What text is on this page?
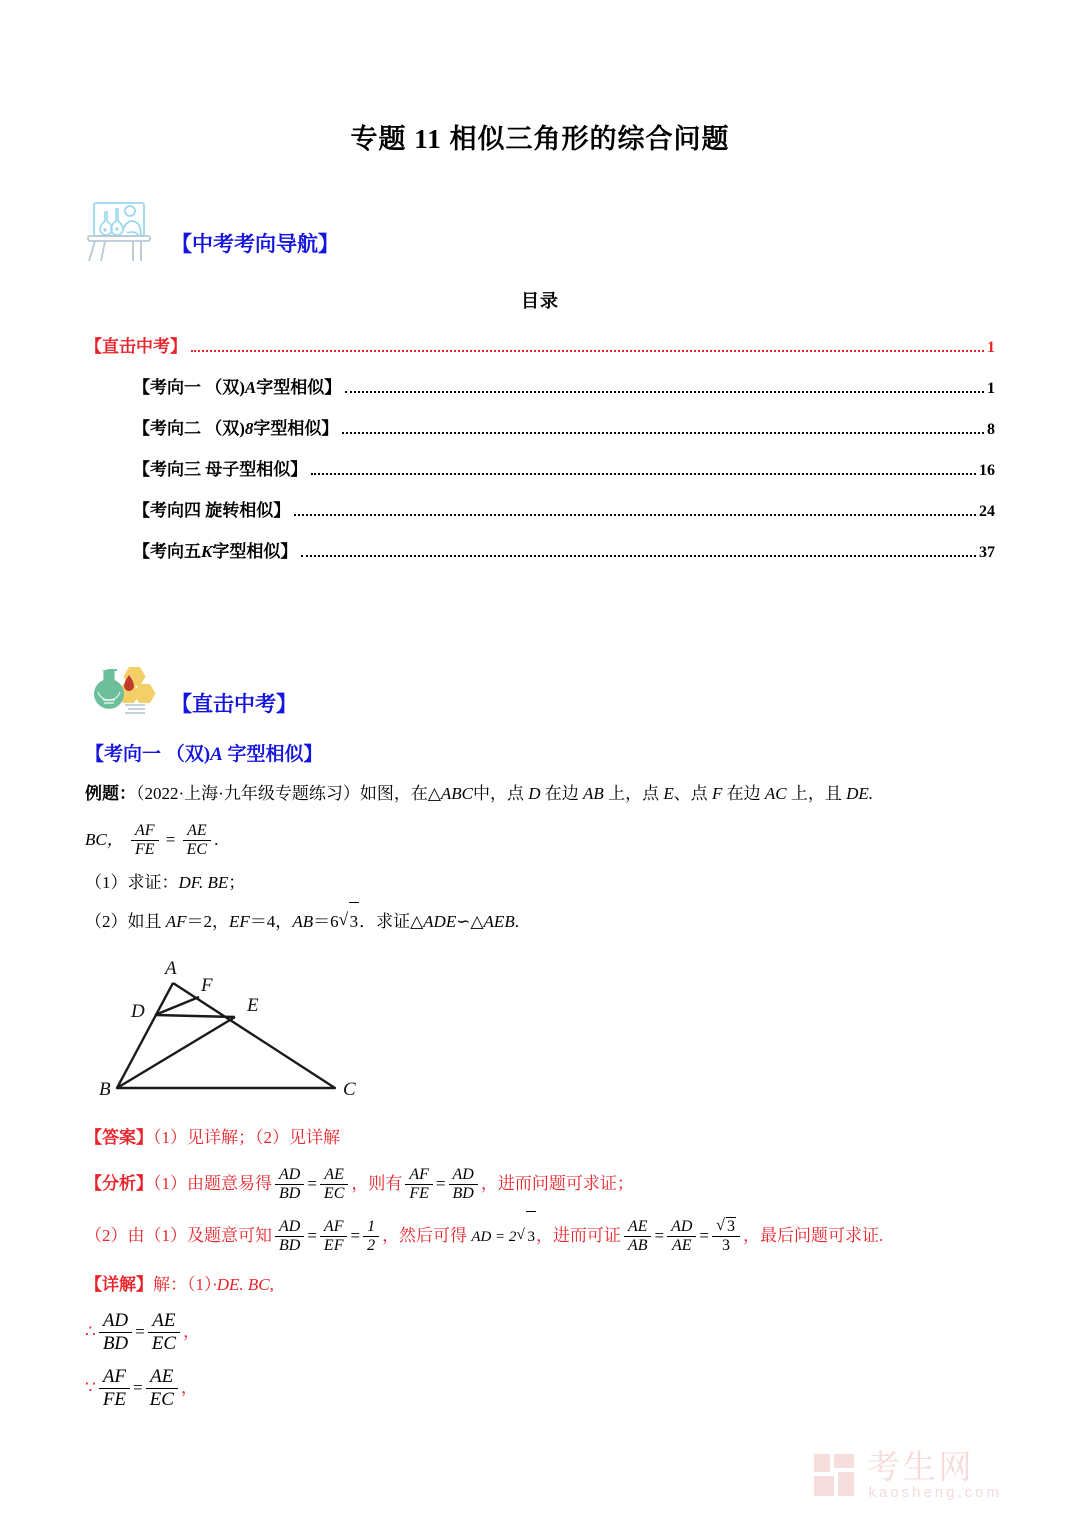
专题 11 相似三角形的综合问题
【中考考向导航】
目录
【直击中考】	1
【考向一 （双) A 字型相似】	1
【考向二 （双) 8 字型相似】	8
【考向三 母子型相似】	16
【考向四 旋转相似】	24
【考向五 K 字型相似】	37
【直击中考】
【考向一 （双)A 字型相似】
例题：（2022·上海·九年级专题练习）如图，在△ABC中，点 D 在边 AB 上，点 E、点 F 在边 AC 上，且 DE.
BC， $\frac{AF}{FE} = \frac{AE}{EC}$ .
（1）求证：DF. BE；
（2）如且 AF＝2，EF＝4，AB＝6 √ 3．求证△ADE∽△AEB.
A
B	C
D	E
F
【答案】（1）见详解；（2）见详解
【分析】（1）由题意易得 $\frac{AD}{BD} = \frac{AE}{EC}$ ，则有 $\frac{AF}{FE} = \frac{AD}{BD}$ ，进而问题可求证；
（2）由（1）及题意可知 $\frac{AD}{BD} = \frac{AF}{EF} = \frac{1}{2}$ ，然后可得 AD = 2 √ 3，进而可证 $\frac{AE}{AB} = \frac{AD}{AE}$ = √ $\frac{3}{3}$ ，最后问题可求证.
【详解】解：（1）·DE. BC,
∴ $\frac{AD}{BD} = \frac{AE}{EC}$ ，
∵ $\frac{AF}{FE} = \frac{AE}{EC}$ ，
考生网
kaosheng.com
